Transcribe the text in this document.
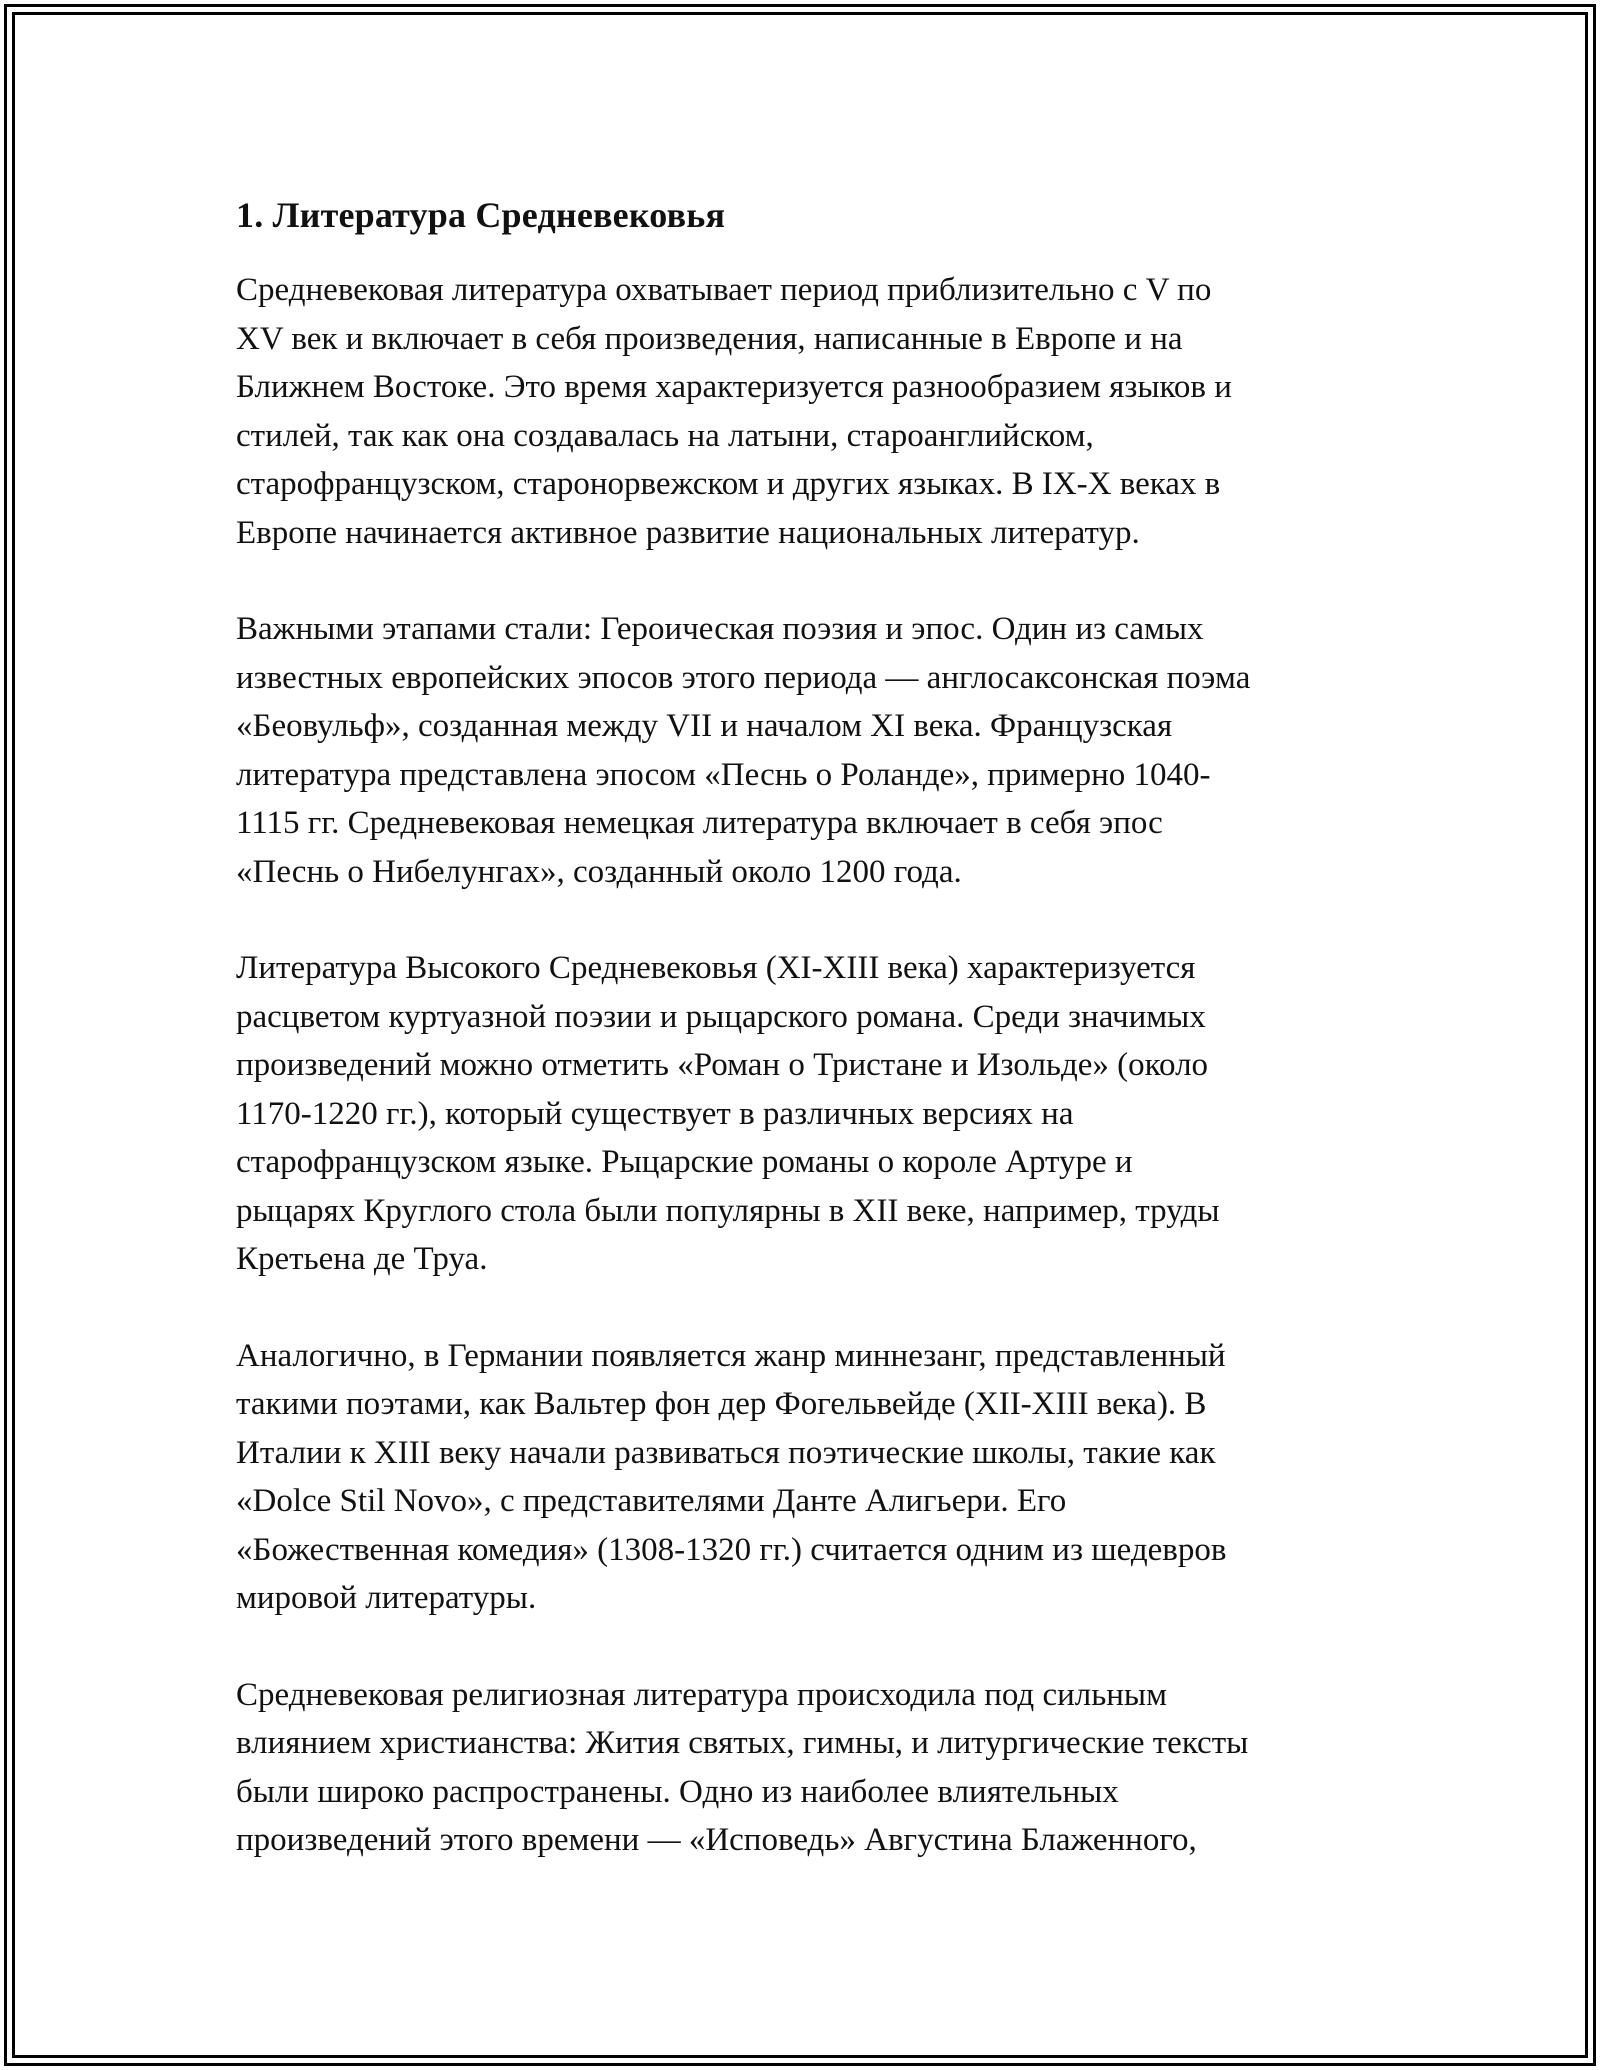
1. Литература Средневековья

Средневековая литература охватывает период приблизительно с V по
XV век и включает в себя произведения, написанные в Европе и на
Ближнем Востоке. Это время характеризуется разнообразием языков и
стилей, так как она создавалась на латыни, староанглийском,
старофранцузском, старонорвежском и других языках. В IX-X веках в
Европе начинается активное развитие национальных литератур.

Важными этапами стали: Героическая поэзия и эпос. Один из самых
известных европейских эпосов этого периода — англосаксонская поэма
«Беовульф», созданная между VII и началом XI века. Французская
литература представлена эпосом «Песнь о Роланде», примерно 1040-
1115 гг. Средневековая немецкая литература включает в себя эпос
«Песнь о Нибелунгах», созданный около 1200 года.

Литература Высокого Средневековья (XI-XIII века) характеризуется
расцветом куртуазной поэзии и рыцарского романа. Среди значимых
произведений можно отметить «Роман о Тристане и Изольде» (около
1170-1220 гг.), который существует в различных версиях на
старофранцузском языке. Рыцарские романы о короле Артуре и
рыцарях Круглого стола были популярны в XII веке, например, труды
Кретьена де Труа.

Аналогично, в Германии появляется жанр миннезанг, представленный
такими поэтами, как Вальтер фон дер Фогельвейде (XII-XIII века). В
Италии к XIII веку начали развиваться поэтические школы, такие как
«Dolce Stil Novo», с представителями Данте Алигьери. Его
«Божественная комедия» (1308-1320 гг.) считается одним из шедевров
мировой литературы.

Средневековая религиозная литература происходила под сильным
влиянием христианства: Жития святых, гимны, и литургические тексты
были широко распространены. Одно из наиболее влиятельных
произведений этого времени — «Исповедь» Августина Блаженного,
